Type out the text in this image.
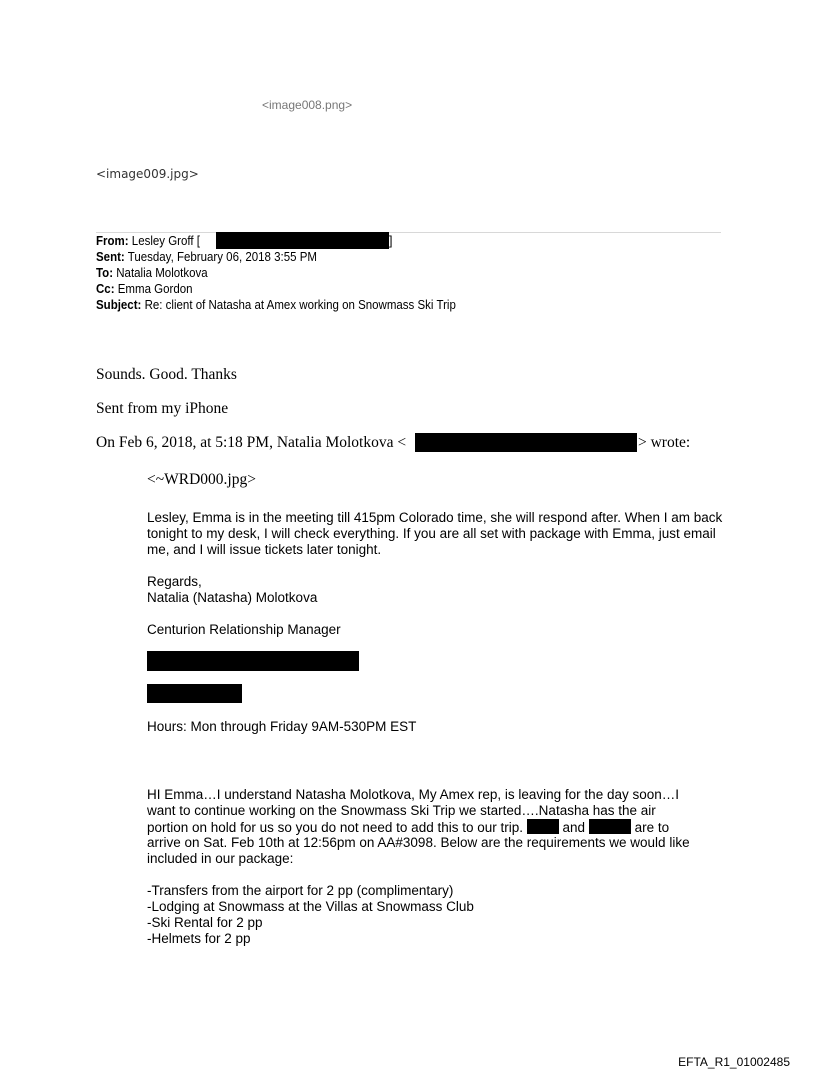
<image008.png>
<image009.jpg>
From: Lesley Groff [	]
Sent: Tuesday, February 06, 2018 3:55 PM
To: Natalia Molotkova
Cc: Emma Gordon
Subject: Re: client of Natasha at Amex working on Snowmass Ski Trip
Sounds. Good. Thanks
Sent from my iPhone
On Feb 6, 2018, at 5:18 PM, Natalia Molotkova <	> wrote:
<~WRD000.jpg>
Lesley, Emma is in the meeting till 415pm Colorado time, she will respond after. When I am back tonight to my desk, I will check everything. If you are all set with package with Emma, just email me, and I will issue tickets later tonight.
Regards,
Natalia (Natasha) Molotkova
Centurion Relationship Manager
Hours: Mon through Friday 9AM-530PM EST
HI Emma…I understand Natasha Molotkova, My Amex rep, is leaving for the day soon…I
want to continue working on the Snowmass Ski Trip we started….Natasha has the air
portion on hold for us so you do not need to add this to our trip.	and	are to
arrive on Sat. Feb 10th at 12:56pm on AA#3098. Below are the requirements we would like
included in our package:
-Transfers from the airport for 2 pp (complimentary)
-Lodging at Snowmass at the Villas at Snowmass Club
-Ski Rental for 2 pp
-Helmets for 2 pp
EFTA_R1_01002485
